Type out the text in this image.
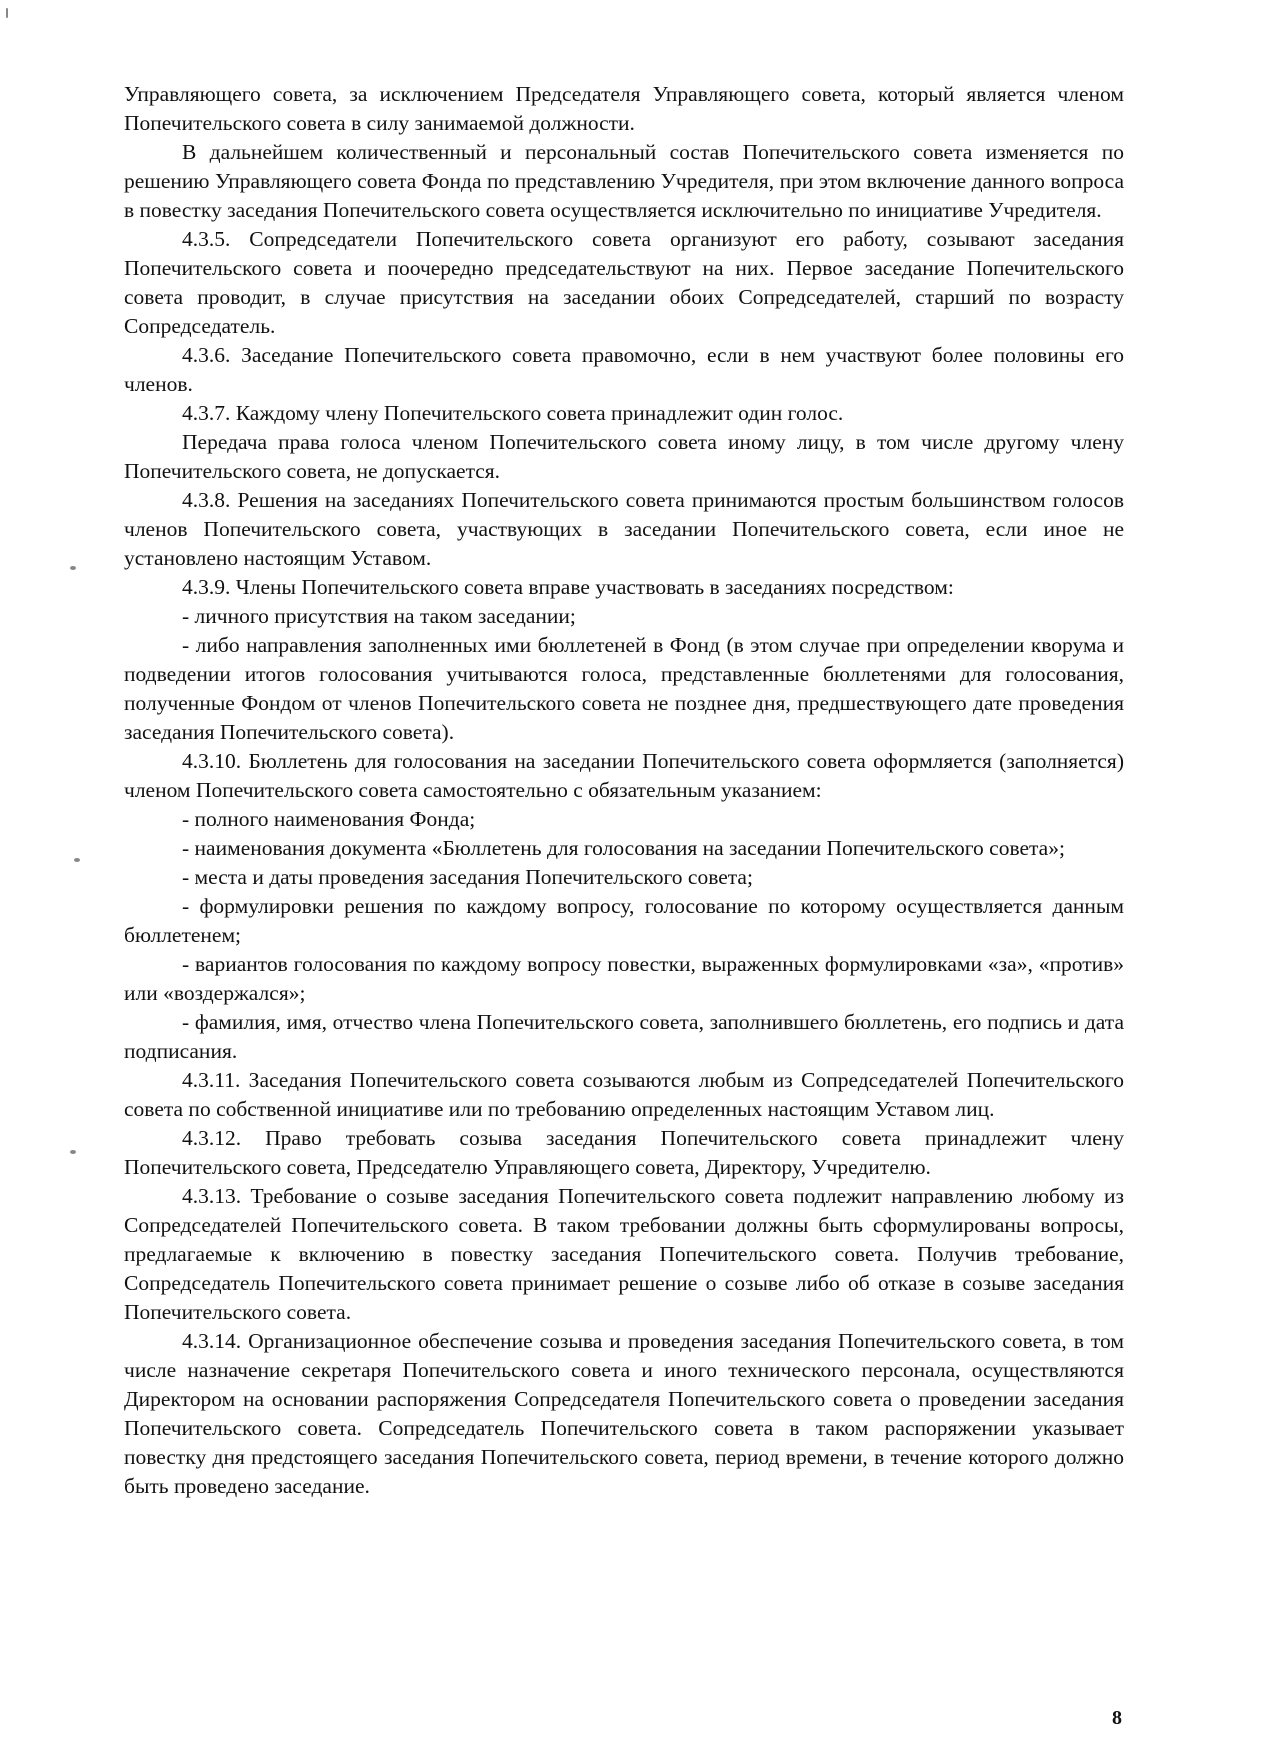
Управляющего совета, за исключением Председателя Управляющего совета, который является членом Попечительского совета в силу занимаемой должности.

В дальнейшем количественный и персональный состав Попечительского совета изменяется по решению Управляющего совета Фонда по представлению Учредителя, при этом включение данного вопроса в повестку заседания Попечительского совета осуществляется исключительно по инициативе Учредителя.

4.3.5. Сопредседатели Попечительского совета организуют его работу, созывают заседания Попечительского совета и поочередно председательствуют на них. Первое заседание Попечительского совета проводит, в случае присутствия на заседании обоих Сопредседателей, старший по возрасту Сопредседатель.

4.3.6. Заседание Попечительского совета правомочно, если в нем участвуют более половины его членов.

4.3.7. Каждому члену Попечительского совета принадлежит один голос.

Передача права голоса членом Попечительского совета иному лицу, в том числе другому члену Попечительского совета, не допускается.

4.3.8. Решения на заседаниях Попечительского совета принимаются простым большинством голосов членов Попечительского совета, участвующих в заседании Попечительского совета, если иное не установлено настоящим Уставом.

4.3.9. Члены Попечительского совета вправе участвовать в заседаниях посредством:

- личного присутствия на таком заседании;

- либо направления заполненных ими бюллетеней в Фонд (в этом случае при определении кворума и подведении итогов голосования учитываются голоса, представленные бюллетенями для голосования, полученные Фондом от членов Попечительского совета не позднее дня, предшествующего дате проведения заседания Попечительского совета).

4.3.10. Бюллетень для голосования на заседании Попечительского совета оформляется (заполняется) членом Попечительского совета самостоятельно с обязательным указанием:

- полного наименования Фонда;

- наименования документа «Бюллетень для голосования на заседании Попечительского совета»;

- места и даты проведения заседания Попечительского совета;

- формулировки решения по каждому вопросу, голосование по которому осуществляется данным бюллетенем;

- вариантов голосования по каждому вопросу повестки, выраженных формулировками «за», «против» или «воздержался»;

- фамилия, имя, отчество члена Попечительского совета, заполнившего бюллетень, его подпись и дата подписания.

4.3.11. Заседания Попечительского совета созываются любым из Сопредседателей Попечительского совета по собственной инициативе или по требованию определенных настоящим Уставом лиц.

4.3.12. Право требовать созыва заседания Попечительского совета принадлежит члену Попечительского совета, Председателю Управляющего совета, Директору, Учредителю.

4.3.13. Требование о созыве заседания Попечительского совета подлежит направлению любому из Сопредседателей Попечительского совета. В таком требовании должны быть сформулированы вопросы, предлагаемые к включению в повестку заседания Попечительского совета. Получив требование, Сопредседатель Попечительского совета принимает решение о созыве либо об отказе в созыве заседания Попечительского совета.

4.3.14. Организационное обеспечение созыва и проведения заседания Попечительского совета, в том числе назначение секретаря Попечительского совета и иного технического персонала, осуществляются Директором на основании распоряжения Сопредседателя Попечительского совета о проведении заседания Попечительского совета. Сопредседатель Попечительского совета в таком распоряжении указывает повестку дня предстоящего заседания Попечительского совета, период времени, в течение которого должно быть проведено заседание.

8
